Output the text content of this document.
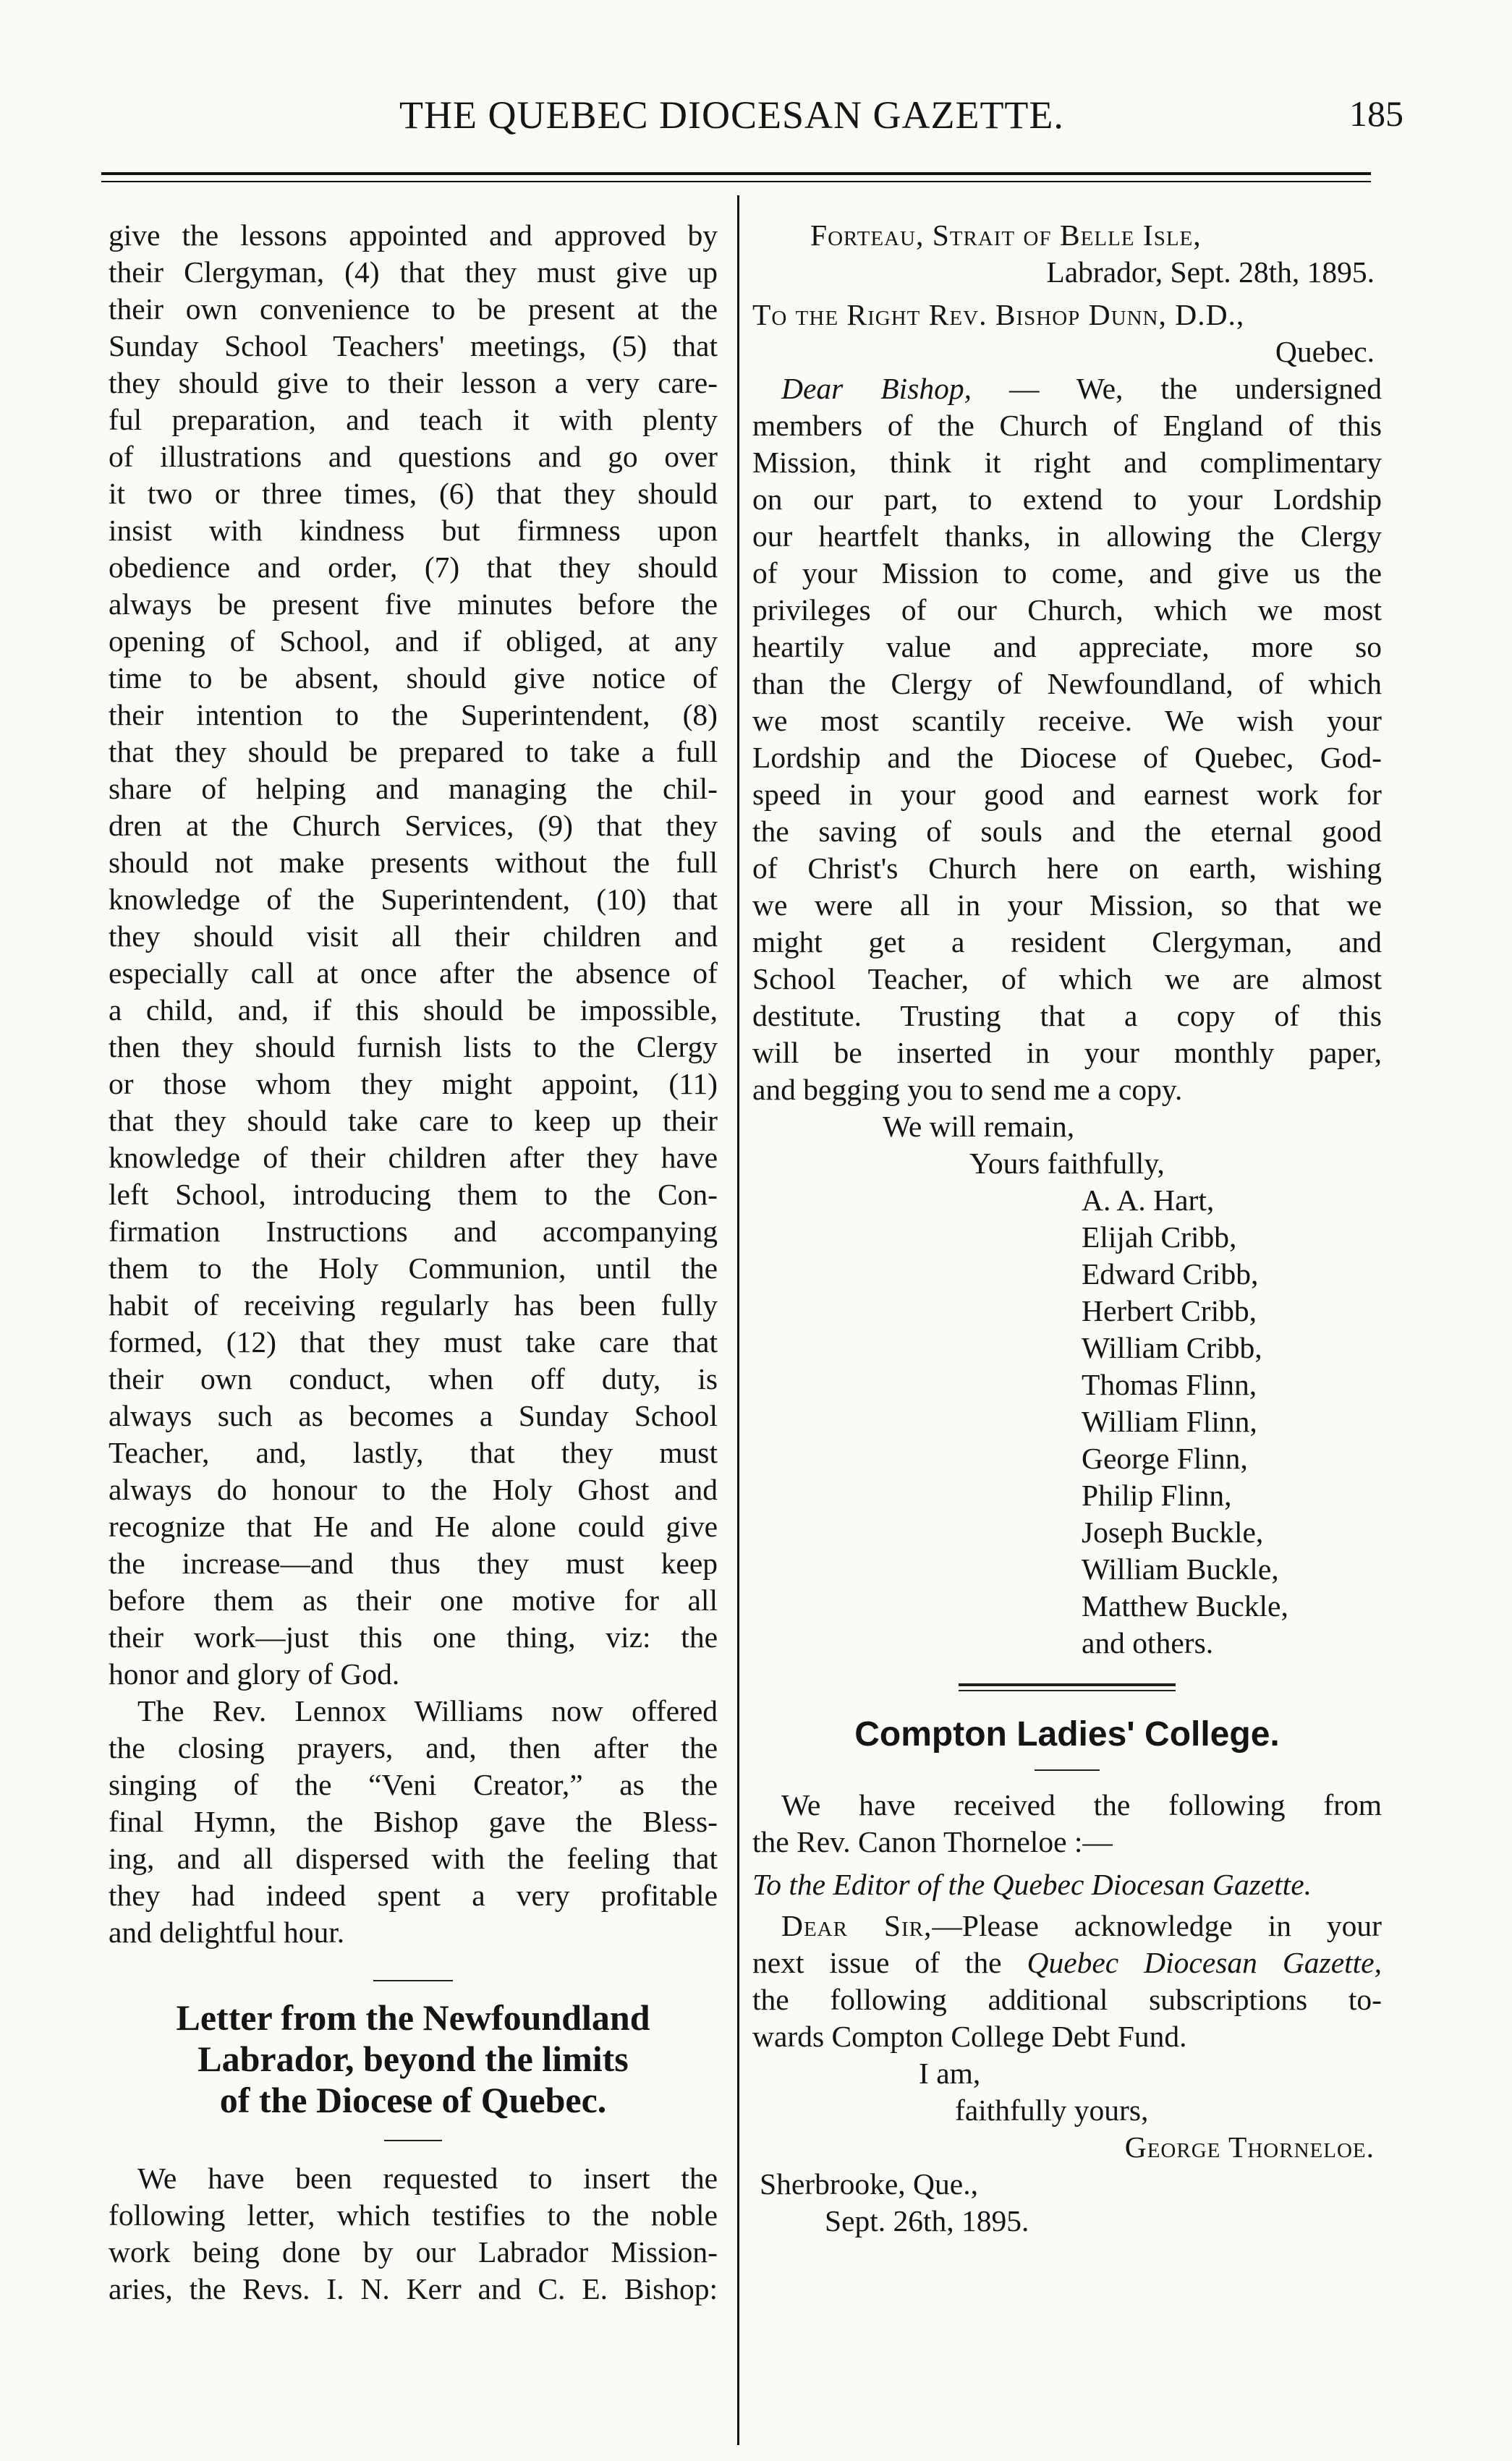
THE QUEBEC DIOCESAN GAZETTE.	185
give the lessons appointed and approved by
their Clergyman, (4) that they must give up
their own convenience to be present at the
Sunday School Teachers' meetings, (5) that
they should give to their lesson a very care-
ful preparation, and teach it with plenty
of illustrations and questions and go over
it two or three times, (6) that they should
insist with kindness but firmness upon
obedience and order, (7) that they should
always be present five minutes before the
opening of School, and if obliged, at any
time to be absent, should give notice of
their intention to the Superintendent, (8)
that they should be prepared to take a full
share of helping and managing the chil-
dren at the Church Services, (9) that they
should not make presents without the full
knowledge of the Superintendent, (10) that
they should visit all their children and
especially call at once after the absence of
a child, and, if this should be impossible,
then they should furnish lists to the Clergy
or those whom they might appoint, (11)
that they should take care to keep up their
knowledge of their children after they have
left School, introducing them to the Con-
firmation Instructions and accompanying
them to the Holy Communion, until the
habit of receiving regularly has been fully
formed, (12) that they must take care that
their own conduct, when off duty, is
always such as becomes a Sunday School
Teacher, and, lastly, that they must
always do honour to the Holy Ghost and
recognize that He and He alone could give
the increase—and thus they must keep
before them as their one motive for all
their work—just this one thing, viz: the

honor and glory of God.

The Rev. Lennox Williams now offered
the closing prayers, and, then after the
singing of the “Veni Creator,” as the
final Hymn, the Bishop gave the Bless-
ing, and all dispersed with the feeling that
they had indeed spent a very profitable

and delightful hour.

Letter from the Newfoundland

Labrador, beyond the limits

of the Diocese of Quebec.

We have been requested to insert the
following letter, which testifies to the noble
work being done by our Labrador Mission-
aries, the Revs. I. N. Kerr and C. E. Bishop:

Forteau, Strait of Belle Isle,

Labrador, Sept. 28th, 1895.

To the Right Rev. Bishop Dunn, D.D.,

Quebec.

Dear Bishop, — We, the undersigned
members of the Church of England of this
Mission, think it right and complimentary
on our part, to extend to your Lordship
our heartfelt thanks, in allowing the Clergy
of your Mission to come, and give us the
privileges of our Church, which we most
heartily value and appreciate, more so
than the Clergy of Newfoundland, of which
we most scantily receive. We wish your
Lordship and the Diocese of Quebec, God-
speed in your good and earnest work for
the saving of souls and the eternal good
of Christ's Church here on earth, wishing
we were all in your Mission, so that we
might get a resident Clergyman, and
School Teacher, of which we are almost
destitute. Trusting that a copy of this
will be inserted in your monthly paper,

and begging you to send me a copy.

We will remain,

Yours faithfully,

A. A. Hart,

Elijah Cribb,

Edward Cribb,

Herbert Cribb,

William Cribb,

Thomas Flinn,

William Flinn,

George Flinn,

Philip Flinn,

Joseph Buckle,

William Buckle,

Matthew Buckle,

and others.

Compton Ladies' College.

We have received the following from

the Rev. Canon Thorneloe :—

To the Editor of the Quebec Diocesan Gazette.

Dear Sir,—Please acknowledge in your
next issue of the Quebec Diocesan Gazette,
the following additional subscriptions to-

wards Compton College Debt Fund.

I am,

faithfully yours,

George Thorneloe.

Sherbrooke, Que.,

Sept. 26th, 1895.
